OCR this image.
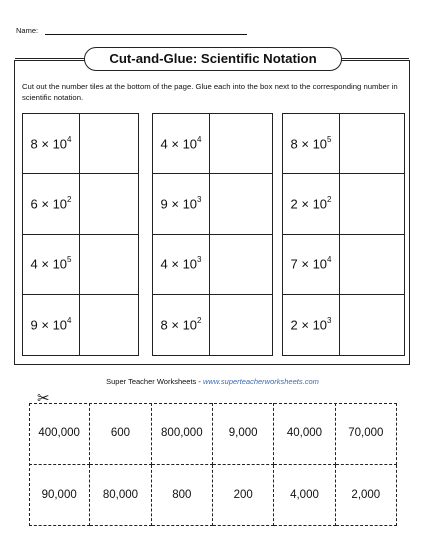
Name:
Cut-and-Glue: Scientific Notation
Cut out the number tiles at the bottom of the page. Glue each into the box next to the corresponding number in scientific notation.
$8 \times 10^4$
$6 \times 10^2$
$4 \times 10^5$
$9 \times 10^4$
$4 \times 10^4$
$9 \times 10^3$
$4 \times 10^3$
$8 \times 10^2$
$8 \times 10^5$
$2 \times 10^2$
$7 \times 10^4$
$2 \times 10^3$
Super Teacher Worksheets - www.superteacherworksheets.com
✂
400,000	600	800,000	9,000	40,000	70,000
90,000	80,000	800	200	4,000	2,000
